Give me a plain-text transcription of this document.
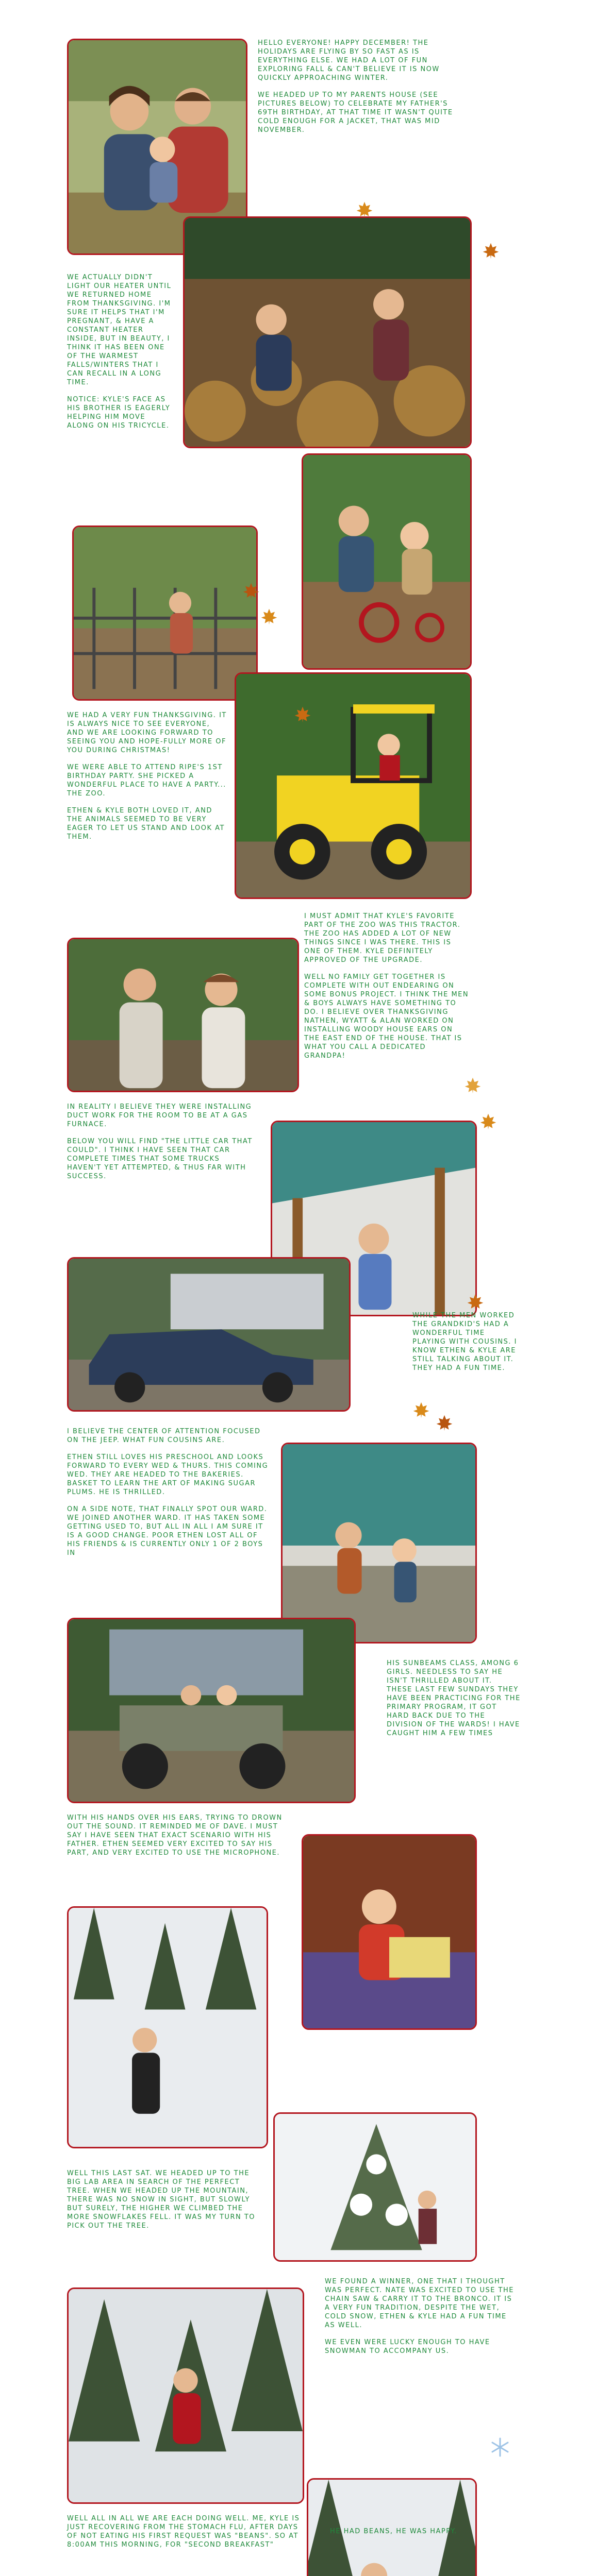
HELLO EVERYONE! HAPPY DECEMBER! THE HOLIDAYS ARE FLYING BY SO FAST AS IS EVERYTHING ELSE. WE HAD A LOT OF FUN EXPLORING FALL & CAN'T BELIEVE IT IS NOW QUICKLY APPROACHING WINTER.

WE HEADED UP TO MY PARENTS HOUSE (SEE PICTURES BELOW) TO CELEBRATE MY FATHER'S 69TH BIRTHDAY, AT THAT TIME IT WASN'T QUITE COLD ENOUGH FOR A JACKET, THAT WAS MID NOVEMBER.

WE ACTUALLY DIDN'T LIGHT OUR HEATER UNTIL WE RETURNED HOME FROM THANKSGIVING. I'M SURE IT HELPS THAT I'M PREGNANT, & HAVE A CONSTANT HEATER INSIDE, BUT IN BEAUTY, I THINK IT HAS BEEN ONE OF THE WARMEST FALLS/WINTERS THAT I CAN RECALL IN A LONG TIME.

NOTICE: KYLE'S FACE AS HIS BROTHER IS EAGERLY HELPING HIM MOVE ALONG ON HIS TRICYCLE.

WE HAD A VERY FUN THANKSGIVING. IT IS ALWAYS NICE TO SEE EVERYONE, AND WE ARE LOOKING FORWARD TO SEEING YOU AND HOPE-FULLY MORE OF YOU DURING CHRISTMAS!

WE WERE ABLE TO ATTEND RIPE'S 1ST BIRTHDAY PARTY. SHE PICKED A WONDERFUL PLACE TO HAVE A PARTY... THE ZOO.

ETHEN & KYLE BOTH LOVED IT, AND THE ANIMALS SEEMED TO BE VERY EAGER TO LET US STAND AND LOOK AT THEM.

I MUST ADMIT THAT KYLE'S FAVORITE PART OF THE ZOO WAS THIS TRACTOR. THE ZOO HAS ADDED A LOT OF NEW THINGS SINCE I WAS THERE. THIS IS ONE OF THEM. KYLE DEFINITELY APPROVED OF THE UPGRADE.

WELL NO FAMILY GET TOGETHER IS COMPLETE WITH OUT ENDEARING ON SOME BONUS PROJECT. I THINK THE MEN & BOYS ALWAYS HAVE SOMETHING TO DO. I BELIEVE OVER THANKSGIVING NATHEN, WYATT & ALAN WORKED ON INSTALLING WOODY HOUSE EARS ON THE EAST END OF THE HOUSE. THAT IS WHAT YOU CALL A DEDICATED GRANDPA!

IN REALITY I BELIEVE THEY WERE INSTALLING DUCT WORK FOR THE ROOM TO BE AT A GAS FURNACE.

BELOW YOU WILL FIND "THE LITTLE CAR THAT COULD". I THINK I HAVE SEEN THAT CAR COMPLETE TIMES THAT SOME TRUCKS HAVEN'T YET ATTEMPTED, & THUS FAR WITH SUCCESS.

WHILE THE MEN WORKED THE GRANDKID'S HAD A WONDERFUL TIME PLAYING WITH COUSINS. I KNOW ETHEN & KYLE ARE STILL TALKING ABOUT IT. THEY HAD A FUN TIME.

I BELIEVE THE CENTER OF ATTENTION FOCUSED ON THE JEEP. WHAT FUN COUSINS ARE.

ETHEN STILL LOVES HIS PRESCHOOL AND LOOKS FORWARD TO EVERY WED & THURS. THIS COMING WED. THEY ARE HEADED TO THE BAKERIES. BASKET TO LEARN THE ART OF MAKING SUGAR PLUMS. HE IS THRILLED.

ON A SIDE NOTE, THAT FINALLY SPOT OUR WARD. WE JOINED ANOTHER WARD. IT HAS TAKEN SOME GETTING USED TO, BUT ALL IN ALL I AM SURE IT IS A GOOD CHANGE. POOR ETHEN LOST ALL OF HIS FRIENDS & IS CURRENTLY ONLY 1 OF 2 BOYS IN

HIS SUNBEAMS CLASS, AMONG 6 GIRLS. NEEDLESS TO SAY HE ISN'T THRILLED ABOUT IT. THESE LAST FEW SUNDAYS THEY HAVE BEEN PRACTICING FOR THE PRIMARY PROGRAM, IT GOT HARD BACK DUE TO THE DIVISION OF THE WARDS! I HAVE CAUGHT HIM A FEW TIMES

WITH HIS HANDS OVER HIS EARS, TRYING TO DROWN OUT THE SOUND. IT REMINDED ME OF DAVE. I MUST SAY I HAVE SEEN THAT EXACT SCENARIO WITH HIS FATHER. ETHEN SEEMED VERY EXCITED TO SAY HIS PART, AND VERY EXCITED TO USE THE MICROPHONE.

WELL THIS LAST SAT. WE HEADED UP TO THE BIG LAB AREA IN SEARCH OF THE PERFECT TREE. WHEN WE HEADED UP THE MOUNTAIN, THERE WAS NO SNOW IN SIGHT, BUT SLOWLY BUT SURELY, THE HIGHER WE CLIMBED THE MORE SNOWFLAKES FELL. IT WAS MY TURN TO PICK OUT THE TREE.

WE FOUND A WINNER, ONE THAT I THOUGHT WAS PERFECT. NATE WAS EXCITED TO USE THE CHAIN SAW & CARRY IT TO THE BRONCO. IT IS A VERY FUN TRADITION, DESPITE THE WET, COLD SNOW, ETHEN & KYLE HAD A FUN TIME AS WELL.

WE EVEN WERE LUCKY ENOUGH TO HAVE SNOWMAN TO ACCOMPANY US.

WELL ALL IN ALL WE ARE EACH DOING WELL. ME, KYLE IS JUST RECOVERING FROM THE STOMACH FLU, AFTER DAYS OF NOT EATING HIS FIRST REQUEST WAS "BEANS". SO AT 8:00AM THIS MORNING, FOR "SECOND BREAKFAST"

HE HAD BEANS, HE WAS HAPPY.
